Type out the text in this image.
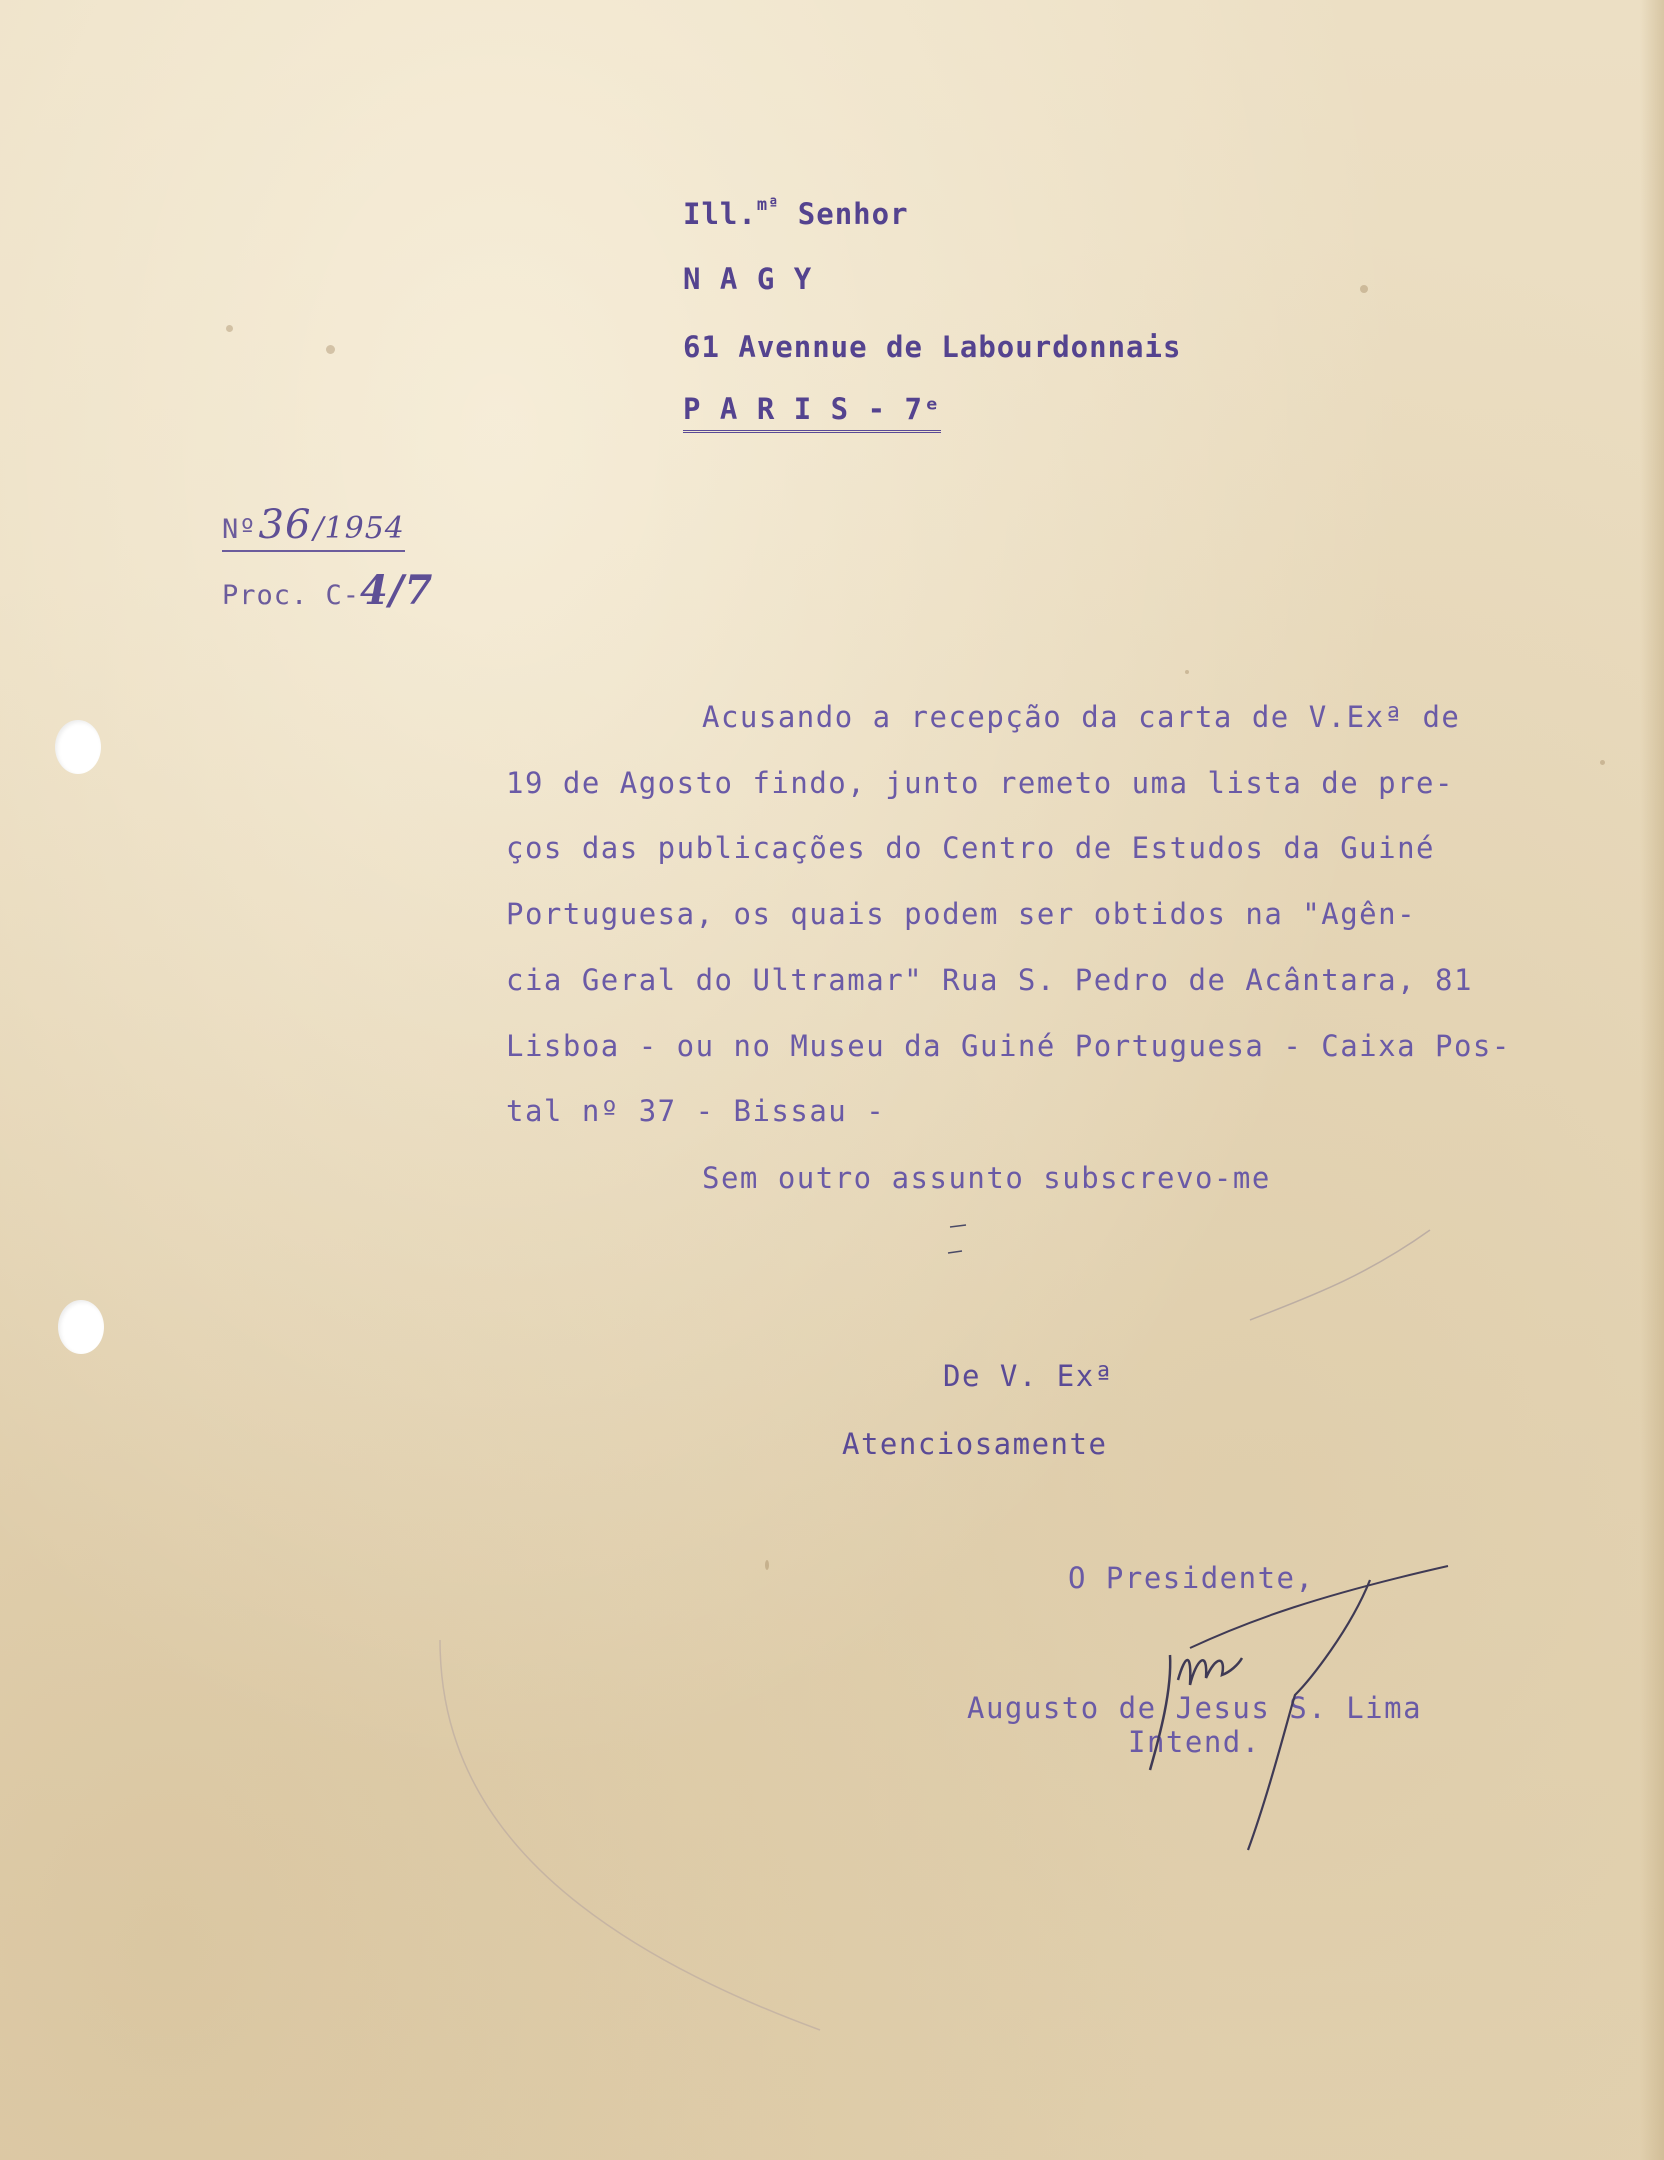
Ill.$^{mª}$ Senhor
N A G Y
61 Avennue de Labourdonnais
P A R I S - 7ᵉ
Nº36/1954
Proc. C-4/7
Acusando a recepção da carta de V.Exª de
19 de Agosto findo, junto remeto uma lista de pre-
ços das publicações do Centro de Estudos da Guiné
Portuguesa, os quais podem ser obtidos na "Agên-
cia Geral do Ultramar" Rua S. Pedro de Acântara, 81
Lisboa - ou no Museu da Guiné Portuguesa - Caixa Pos-
tal nº 37 - Bissau -
Sem outro assunto subscrevo-me
De V. Exª
Atenciosamente
O Presidente,
Augusto de Jesus S. Lima
Intend.
